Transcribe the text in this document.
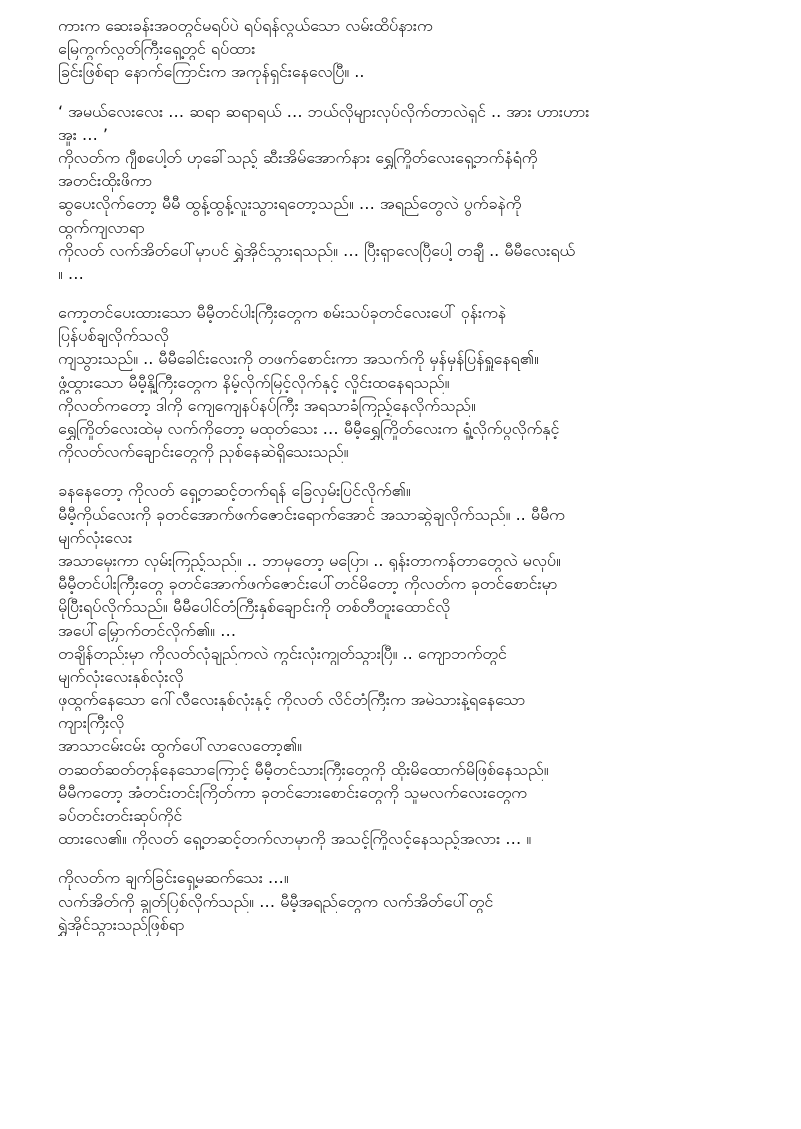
ကားက ဆေးခန်းအဝတွင်မရပ်ပဲ ရပ်ရန်လွယ်သော လမ်းထိပ်နားက
မြေကွက်လွတ်ကြီးရှေ့တွင် ရပ်ထား
ခြင်းဖြစ်ရာ နောက်ကြောင်းက အကုန်ရှင်းနေလေပြီ။ ..
‘ အမယ်လေးလေး … ဆရာ ဆရာရယ် … ဘယ်လိုများလုပ်လိုက်တာလဲရှင် .. အား ဟားဟား
အူး … ’
ကိုလတ်က ဂျီစပေါ့တ် ဟုခေါ်သည့် ဆီးအိမ်အောက်နား ရွှေကြိုတ်လေးရှေ့ဘက်နံရံကို
အတင်းထိုးဖိကာ
ဆွပေးလိုက်တော့ မီမီ ထွန့်ထွန့်လူးသွားရတော့သည်။ … အရည်တွေလဲ ပွက်ခနဲကို
ထွက်ကျလာရာ
ကိုလတ် လက်အိတ်ပေါ်မှာပင် ရွှဲအိုင်သွားရသည်။ … ပြီးရှာလေပြီပေါ့ တချီ .. မီမီလေးရယ်
။ …
ကော့တင်ပေးထားသော မီမီ့တင်ပါးကြီးတွေက စမ်းသပ်ခုတင်လေးပေါ် ဝုန်းကနဲ
ပြန်ပစ်ချလိုက်သလို
ကျသွားသည်။ .. မီမီခေါင်းလေးကို တဖက်စောင်းကာ အသက်ကို မှန်မှန်ပြန်ရှူနေရ၏။
ဖွံ့ထွားသော မီမီ့နို့ကြီးတွေက နိမ့်လိုက်မြင့်လိုက်နှင့် လှိုင်းထနေရသည်။
ကိုလတ်ကတော့ ဒါကို ကျေကျေနပ်နပ်ကြီး အရသာခံကြည့်နေလိုက်သည်။
ရွှေကြိုတ်လေးထဲမှ လက်ကိုတော့ မထုတ်သေး … မီမီ့ရွှေကြိုတ်လေးက ရှုံ့လိုက်ပွလိုက်နှင့်
ကိုလတ်လက်ချောင်းတွေကို ညှစ်နေဆဲရှိသေးသည်။
ခနနေတော့ ကိုလတ် ရှေ့တဆင့်တက်ရန် ခြေလှမ်းပြင်လိုက်၏။
မီမီ့ကိုယ်လေးကို ခုတင်အောက်ဖက်ဇောင်းရောက်အောင် အသာဆွဲချလိုက်သည်။ .. မီမီက
မျက်လုံးလေး
အသာမှေးကာ လှမ်းကြည့်သည်။ .. ဘာမှတော့ မပြော၊ .. ရုန်းတာကန်တာတွေလဲ မလုပ်။
မီမီ့တင်ပါးကြီးတွေ ခုတင်အောက်ဖက်ဇောင်းပေါ်တင်မိတော့ ကိုလတ်က ခုတင်စောင်းမှာ
မိုပြီးရပ်လိုက်သည်။ မီမီပေါင်တံကြီးနှစ်ချောင်းကို တစ်တီတူးထောင်လို
အပေါ်မြှောက်တင်လိုက်၏။ …
တချိန်တည်းမှာ ကိုလတ်လုံချည်ကလဲ ကွင်းလုံးကျွတ်သွားပြီ။ .. ကျောဘက်တွင်
မျက်လုံးလေးနှစ်လုံးလို
ဖုထွက်နေသော ဂေါ်လီလေးနှစ်လုံးနှင့် ကိုလတ် လိင်တံကြီးက အမဲသားနဲ့ရနေသော
ကျားကြီးလို
အာသာငမ်းငမ်း ထွက်ပေါ်လာလေတော့၏။
တဆတ်ဆတ်တုန်နေသောကြောင့် မီမီ့တင်သားကြီးတွေကို ထိုးမိထောက်မိဖြစ်နေသည်။
မီမီကတော့ အံတင်းတင်းကြိတ်ကာ ခုတင်ဘေးစောင်းတွေကို သူမလက်လေးတွေက
ခပ်တင်းတင်းဆုပ်ကိုင်
ထားလေ၏။ ကိုလတ် ရှေ့တဆင့်တက်လာမှာကို အသင့်ကြိုလင့်နေသည့်အလား … ။
ကိုလတ်က ချက်ခြင်းရှေ့မဆက်သေး …။
လက်အိတ်ကို ချွတ်ပြစ်လိုက်သည်။ … မီမီ့အရည်တွေက လက်အိတ်ပေါ်တွင်
ရွှဲအိုင်သွားသည်ဖြစ်ရာ
